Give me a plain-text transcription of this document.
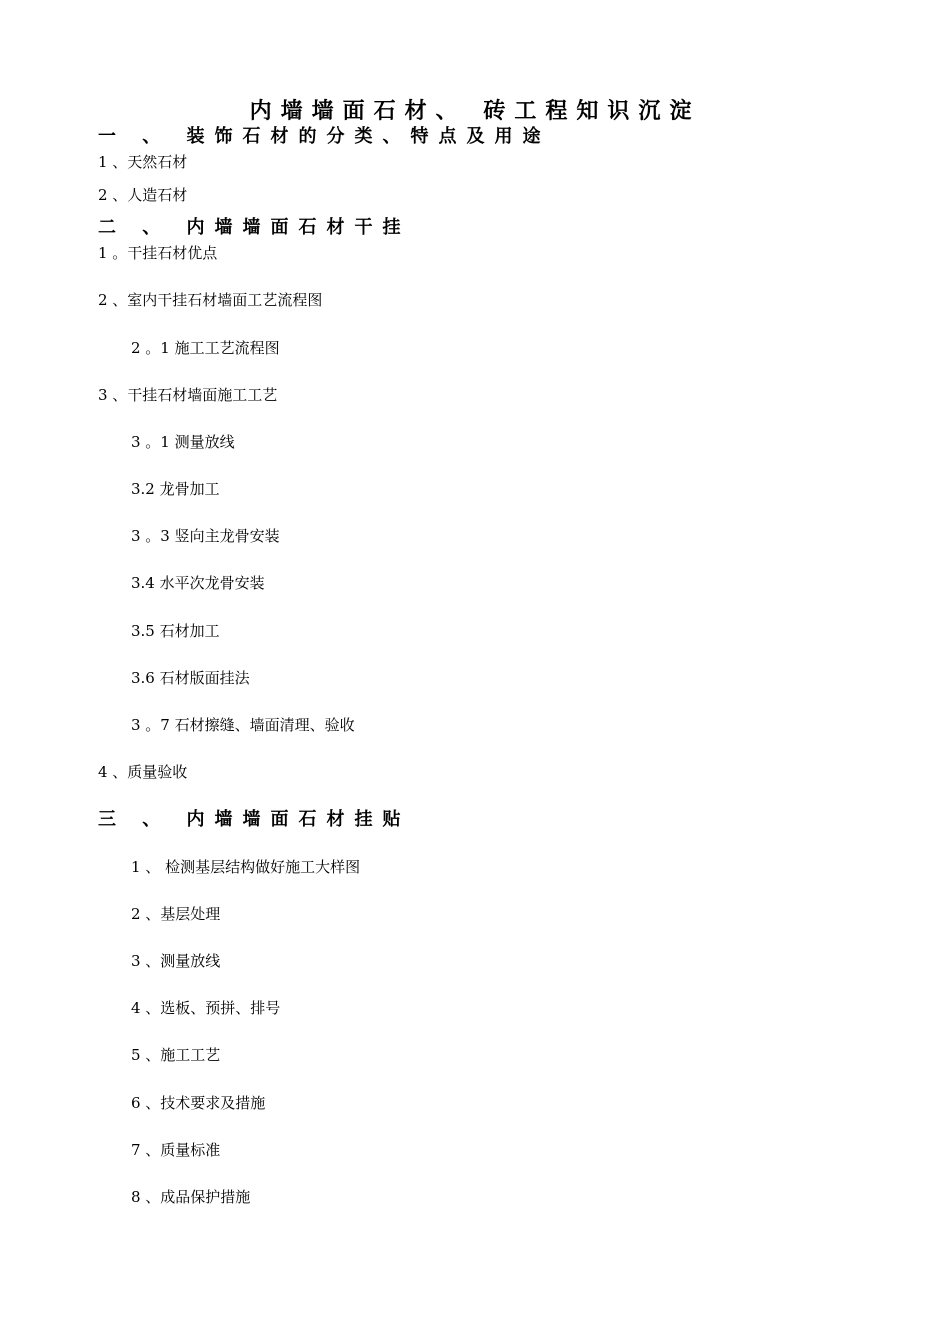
内墙墙面石材、 砖工程知识沉淀
一 、 装饰石材的分类、特点及用途
1 、天然石材
2 、人造石材
二 、 内墙墙面石材干挂
1 。干挂石材优点
2 、室内干挂石材墙面工艺流程图
2 。1 施工工艺流程图
3 、干挂石材墙面施工工艺
3 。1 测量放线
3.2 龙骨加工
3 。3 竖向主龙骨安装
3.4 水平次龙骨安装
3.5 石材加工
3.6 石材版面挂法
3 。7 石材擦缝、墙面清理、验收
4 、质量验收
三 、 内墙墙面石材挂贴
1 、 检测基层结构做好施工大样图
2 、基层处理
3 、测量放线
4 、选板、预拼、排号
5 、施工工艺
6 、技术要求及措施
7 、质量标准
8 、成品保护措施
